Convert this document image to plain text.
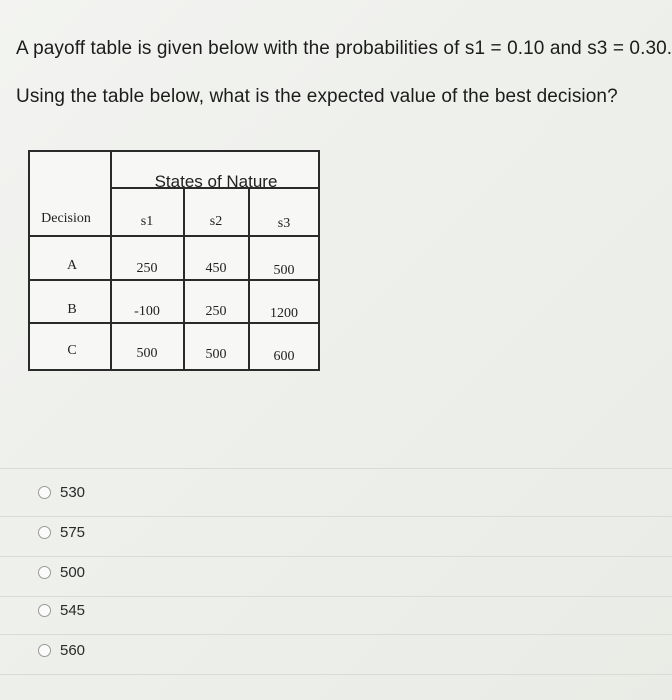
A payoff table is given below with the probabilities of s1 = 0.10 and s3 = 0.30.
Using the table below, what is the expected value of the best decision?
States of Nature
Decision	s1	s2	s3
A	250	450	500
B	-100	250	1200
C	500	500	600
530
575
500
545
560
